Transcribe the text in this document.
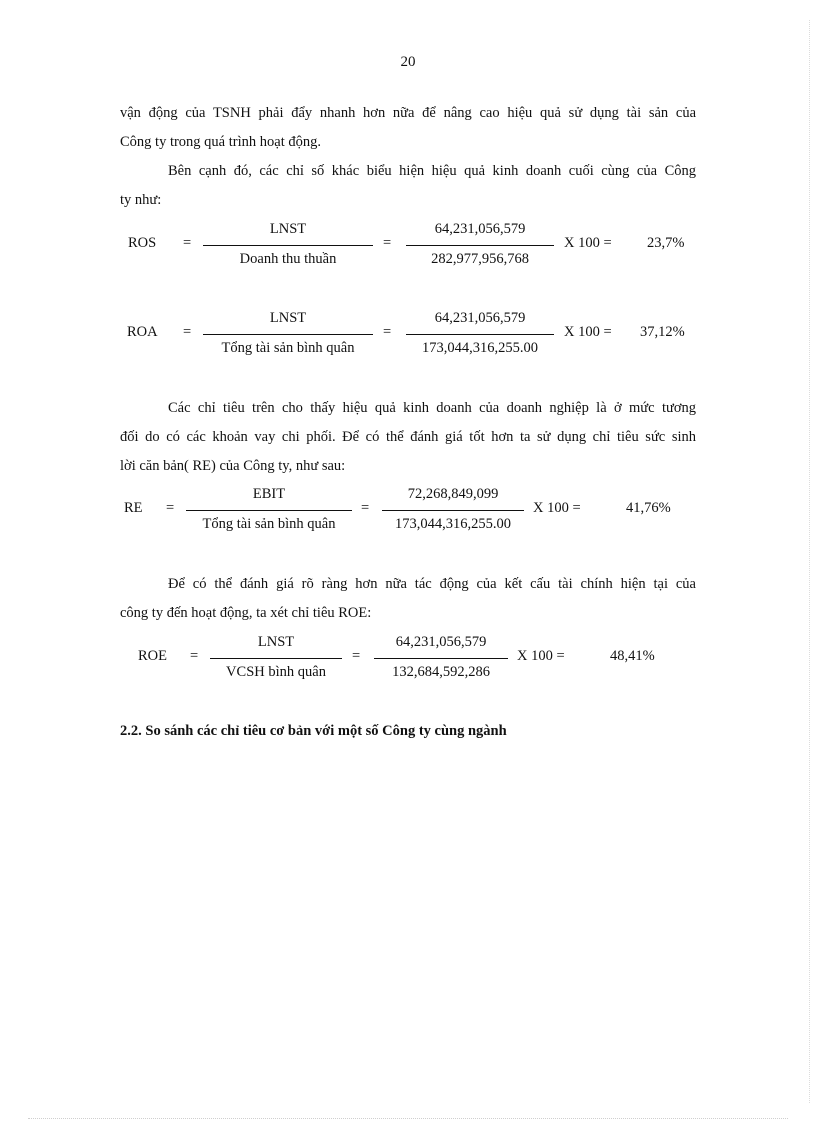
20
vận động của TSNH phải đẩy nhanh hơn nữa để nâng cao hiệu quả sử dụng tài sản của
Công ty trong quá trình hoạt động.
Bên cạnh đó, các chỉ số khác biểu hiện hiệu quả kinh doanh cuối cùng của Công
ty như:
ROS =
LNST
Doanh thu thuần
=
64,231,056,579
282,977,956,768
X 100 = 23,7%
ROA =
LNST
Tổng tài sản bình quân
=
64,231,056,579
173,044,316,255.00
X 100 = 37,12%
Các chỉ tiêu trên cho thấy hiệu quả kinh doanh của doanh nghiệp là ở mức tương
đối do có các khoản vay chi phối. Để có thể đánh giá tốt hơn ta sử dụng chỉ tiêu sức sinh
lời căn bản( RE) của Công ty, như sau:
RE =
EBIT
Tổng tài sản bình quân
=
72,268,849,099
173,044,316,255.00
X 100 =	41,76%
Để có thể đánh giá rõ ràng hơn nữa tác động của kết cấu tài chính hiện tại của
công ty đến hoạt động, ta xét chỉ tiêu ROE:
ROE =
LNST
VCSH bình quân
=
64,231,056,579
132,684,592,286
X 100 =	48,41%
2.2. So sánh các chỉ tiêu cơ bản với một số Công ty cùng ngành
